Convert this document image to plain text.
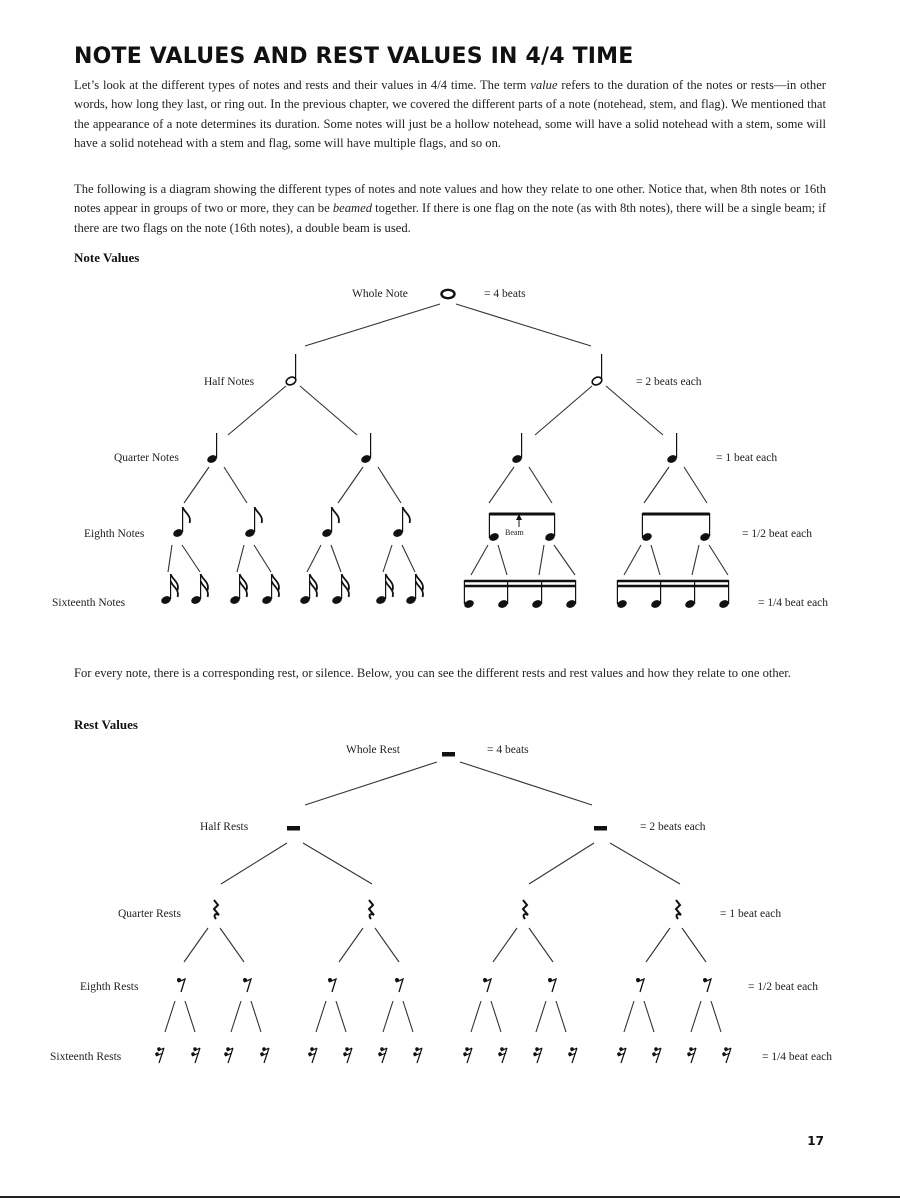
NOTE VALUES AND REST VALUES IN 4/4 TIME

Let’s look at the different types of notes and rests and their values in 4/4 time. The term value refers to the duration of the notes or rests—in other words, how long they last, or ring out. In the previous chapter, we covered the different parts of a note (notehead, stem, and flag). We mentioned that the appearance of a note determines its duration. Some notes will just be a hollow notehead, some will have a solid notehead with a stem, some will have a solid notehead with a stem and flag, some will have multiple flags, and so on.

The following is a diagram showing the different types of notes and note values and how they relate to one other. Notice that, when 8th notes or 16th notes appear in groups of two or more, they can be beamed together. If there is one flag on the note (as with 8th notes), there will be a single beam; if there are two flags on the note (16th notes), a double beam is used.

Note Values
Whole Note	= 4 beats
Half Notes	= 2 beats each
Quarter Notes	= 1 beat each
Eighth Notes	= 1/2 beat each
Sixteenth Notes	= 1/4 beat each
Beam
Whole Rest	= 4 beats
Half Rests	= 2 beats each
Quarter Rests	= 1 beat each
Eighth Rests	= 1/2 beat each
Sixteenth Rests	= 1/4 beat each

For every note, there is a corresponding rest, or silence. Below, you can see the different rests and rest values and how they relate to one other.

Rest Values
17
